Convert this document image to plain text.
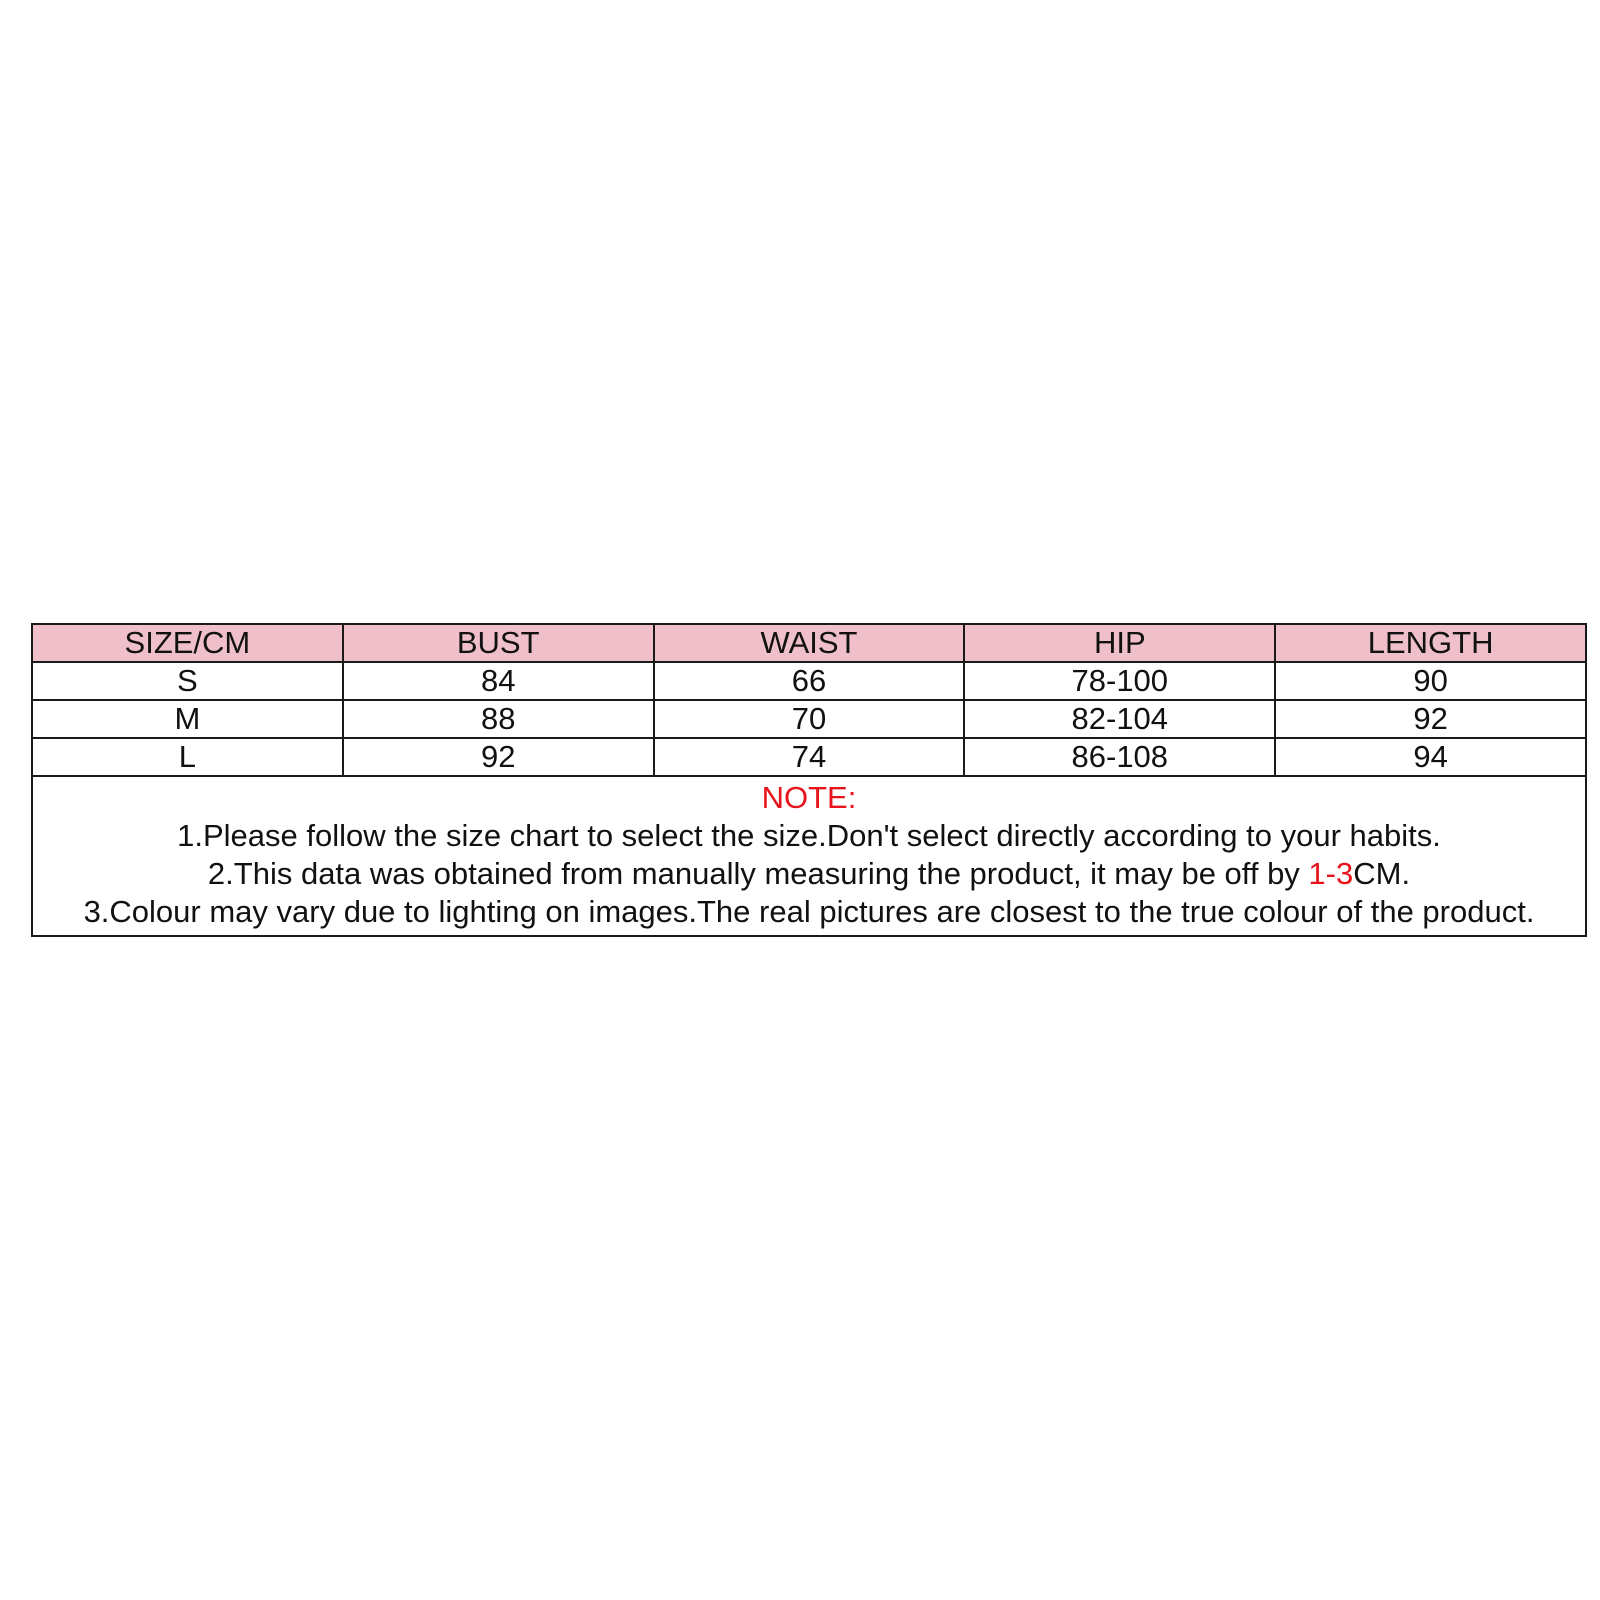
SIZE/CM	BUST	WAIST	HIP	LENGTH
S	84	66	78-100	90
M	88	70	82-104	92
L	92	74	86-108	94

NOTE:
1.Please follow the size chart to select the size.Don't select directly according to your habits.
2.This data was obtained from manually measuring the product, it may be off by 1-3CM.
3.Colour may vary due to lighting on images.The real pictures are closest to the true colour of the product.				
